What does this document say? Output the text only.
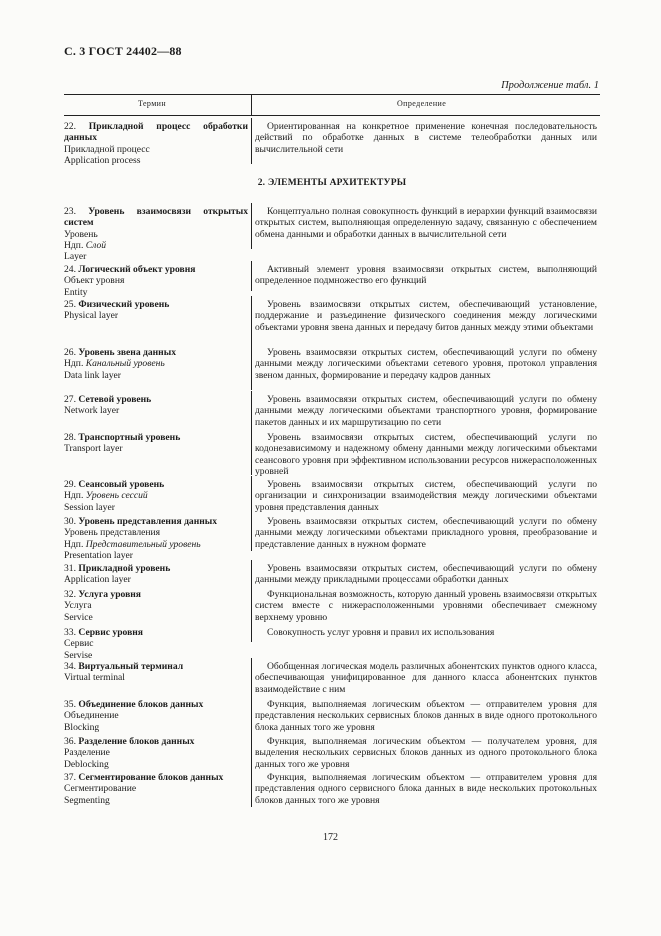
С. 3 ГОСТ 24402—88
Продолжение табл. 1
Термин	Определение
22. Прикладной процесс обработки данных
Прикладной процесс
Application process
Ориентированная на конкретное применение конечная последовательность действий по обработке данных в системе телеобработки данных или вычислительной сети
2. ЭЛЕМЕНТЫ АРХИТЕКТУРЫ
23. Уровень взаимосвязи открытых систем
Уровень
Ндп. Слой
Layer
Концептуально полная совокупность функций в иерархии функций взаимосвязи открытых систем, выполняющая определенную задачу, связанную с обеспечением обмена данными и обработки данных в вычислительной сети
24. Логический объект уровня
Объект уровня
Entity
Активный элемент уровня взаимосвязи открытых систем, выполняющий определенное подмножество его функций
25. Физический уровень
Physical layer
Уровень взаимосвязи открытых систем, обеспечивающий установление, поддержание и разъединение физического соединения между логическими объектами уровня звена данных и передачу битов данных между этими объектами
26. Уровень звена данных
Ндп. Канальный уровень
Data link layer
Уровень взаимосвязи открытых систем, обеспечивающий услуги по обмену данными между логическими объектами сетевого уровня, протокол управления звеном данных, формирование и передачу кадров данных
27. Сетевой уровень
Network layer
Уровень взаимосвязи открытых систем, обеспечивающий услуги по обмену данными между логическими объектами транспортного уровня, формирование пакетов данных и их маршрутизацию по сети
28. Транспортный уровень
Transport layer
Уровень взаимосвязи открытых систем, обеспечивающий услуги по кодонезависимому и надежному обмену данными между логическими объектами сеансового уровня при эффективном использовании ресурсов нижерасположенных уровней
29. Сеансовый уровень
Ндп. Уровень сессий
Session layer
Уровень взаимосвязи открытых систем, обеспечивающий услуги по организации и синхронизации взаимодействия между логическими объектами уровня представления данных
30. Уровень представления данных
Уровень представления
Ндп. Представительный уровень
Presentation layer
Уровень взаимосвязи открытых систем, обеспечивающий услуги по обмену данными между логическими объектами прикладного уровня, преобразование и представление данных в нужном формате
31. Прикладной уровень
Application layer
Уровень взаимосвязи открытых систем, обеспечивающий услуги по обмену данными между прикладными процессами обработки данных
32. Услуга уровня
Услуга
Service
Функциональная возможность, которую данный уровень взаимосвязи открытых систем вместе с нижерасположенными уровнями обеспечивает смежному верхнему уровню
33. Сервис уровня
Сервис
Servise
Совокупность услуг уровня и правил их использования
34. Виртуальный терминал
Virtual terminal
Обобщенная логическая модель различных абонентских пунктов одного класса, обеспечивающая унифицированное для данного класса абонентских пунктов взаимодействие с ним
35. Объединение блоков данных
Объединение
Blocking
Функция, выполняемая логическим объектом — отправителем уровня для представления нескольких сервисных блоков данных в виде одного протокольного блока данных того же уровня
36. Разделение блоков данных
Разделение
Deblocking
Функция, выполняемая логическим объектом — получателем уровня, для выделения нескольких сервисных блоков данных из одного протокольного блока данных того же уровня
37. Сегментирование блоков данных
Сегментирование
Segmenting
Функция, выполняемая логическим объектом — отправителем уровня для представления одного сервисного блока данных в виде нескольких протокольных блоков данных того же уровня
172
